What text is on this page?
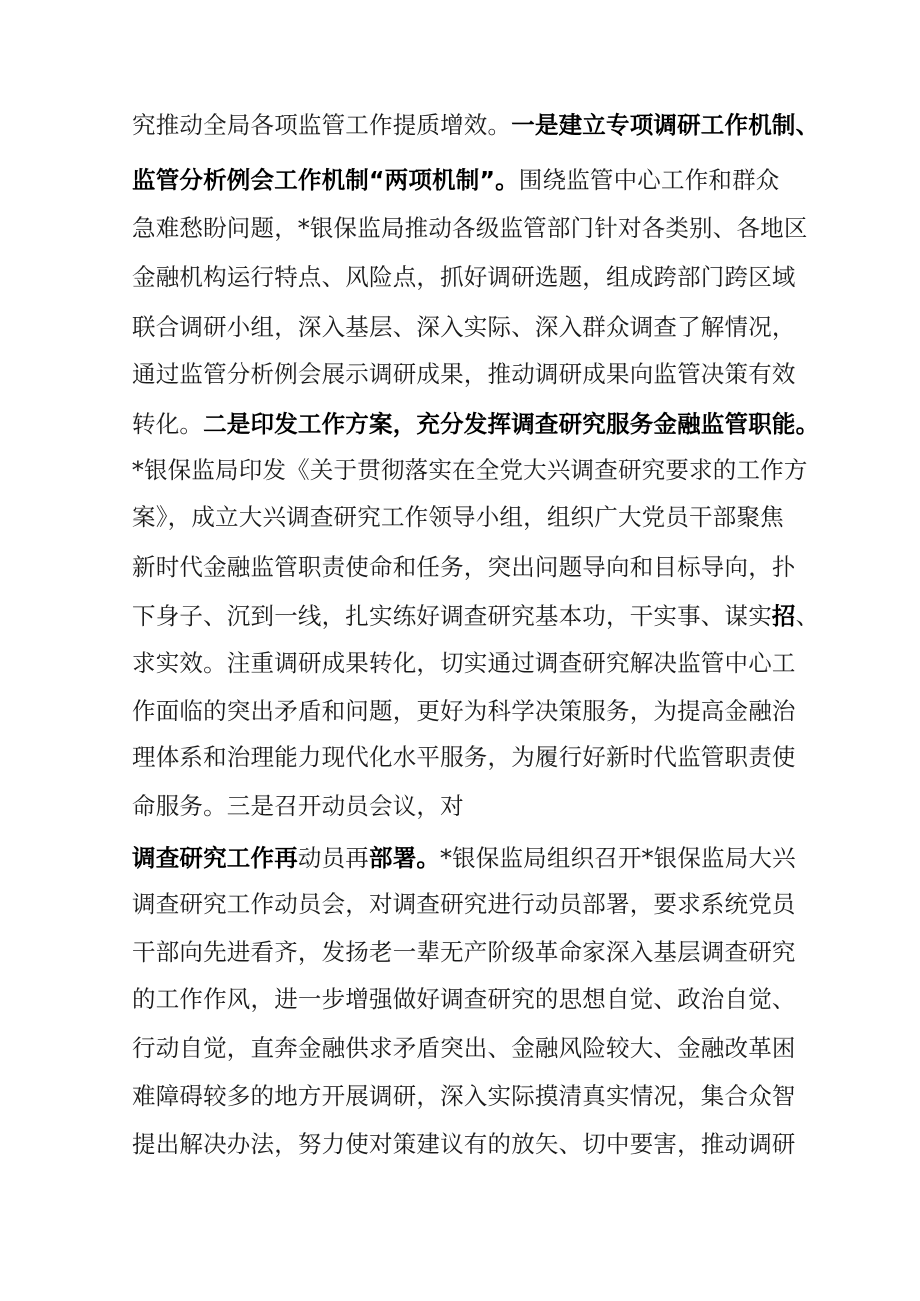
究推动全局各项监管工作提质增效。一是建立专项调研工作机制、
监管分析例会工作机制“两项机制”。围绕监管中心工作和群众
急难愁盼问题，*银保监局推动各级监管部门针对各类别、各地区
金融机构运行特点、风险点，抓好调研选题，组成跨部门跨区域
联合调研小组，深入基层、深入实际、深入群众调查了解情况，
通过监管分析例会展示调研成果，推动调研成果向监管决策有效
转化。二是印发工作方案，充分发挥调查研究服务金融监管职能。
*银保监局印发《关于贯彻落实在全党大兴调查研究要求的工作方
案》，成立大兴调查研究工作领导小组，组织广大党员干部聚焦
新时代金融监管职责使命和任务，突出问题导向和目标导向，扑
下身子、沉到一线，扎实练好调查研究基本功，干实事、谋实招、
求实效。注重调研成果转化，切实通过调查研究解决监管中心工
作面临的突出矛盾和问题，更好为科学决策服务，为提高金融治
理体系和治理能力现代化水平服务，为履行好新时代监管职责使
命服务。三是召开动员会议，对
调查研究工作再动员再部署。*银保监局组织召开*银保监局大兴
调查研究工作动员会，对调查研究进行动员部署，要求系统党员
干部向先进看齐，发扬老一辈无产阶级革命家深入基层调查研究
的工作作风，进一步增强做好调查研究的思想自觉、政治自觉、
行动自觉，直奔金融供求矛盾突出、金融风险较大、金融改革困
难障碍较多的地方开展调研，深入实际摸清真实情况，集合众智
提出解决办法，努力使对策建议有的放矢、切中要害，推动调研
